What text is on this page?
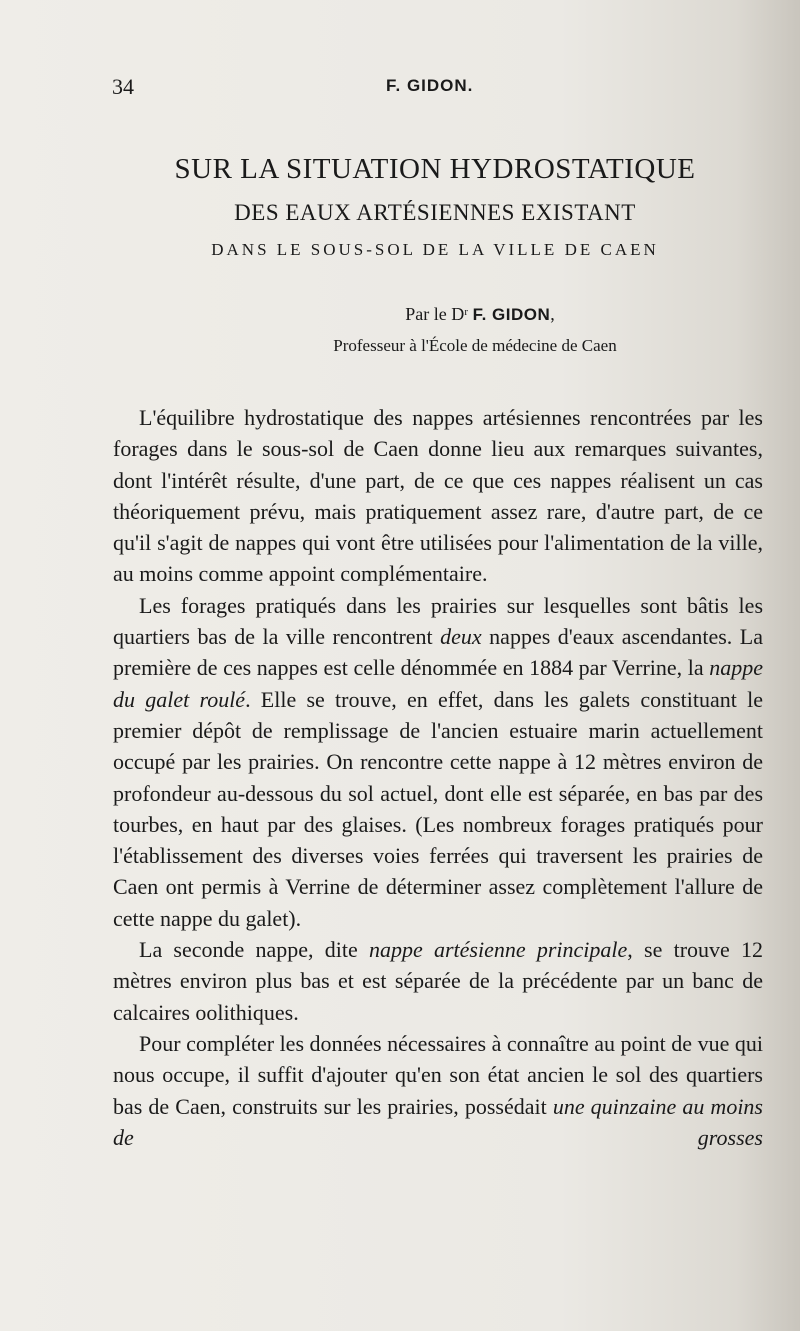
34	F. GIDON.
SUR LA SITUATION HYDROSTATIQUE
DES EAUX ARTÉSIENNES EXISTANT
DANS LE SOUS-SOL DE LA VILLE DE CAEN
Par le Dʳ F. GIDON,
Professeur à l'École de médecine de Caen

L'équilibre hydrostatique des nappes artésiennes rencontrées par les forages dans le sous-sol de Caen donne lieu aux remarques suivantes, dont l'intérêt résulte, d'une part, de ce que ces nappes réalisent un cas théoriquement prévu, mais pratiquement assez rare, d'autre part, de ce qu'il s'agit de nappes qui vont être utilisées pour l'alimentation de la ville, au moins comme appoint complémentaire.

Les forages pratiqués dans les prairies sur lesquelles sont bâtis les quartiers bas de la ville rencontrent deux nappes d'eaux ascendantes. La première de ces nappes est celle dénommée en 1884 par Verrine, la nappe du galet roulé. Elle se trouve, en effet, dans les galets constituant le premier dépôt de remplissage de l'ancien estuaire marin actuellement occupé par les prairies. On rencontre cette nappe à 12 mètres environ de profondeur au-dessous du sol actuel, dont elle est séparée, en bas par des tourbes, en haut par des glaises. (Les nombreux forages pratiqués pour l'établissement des diverses voies ferrées qui traversent les prairies de Caen ont permis à Verrine de déterminer assez complètement l'allure de cette nappe du galet).

La seconde nappe, dite nappe artésienne principale, se trouve 12 mètres environ plus bas et est séparée de la précédente par un banc de calcaires oolithiques.

Pour compléter les données nécessaires à connaître au point de vue qui nous occupe, il suffit d'ajouter qu'en son état ancien le sol des quartiers bas de Caen, construits sur les prairies, possédait une quinzaine au moins de grosses
